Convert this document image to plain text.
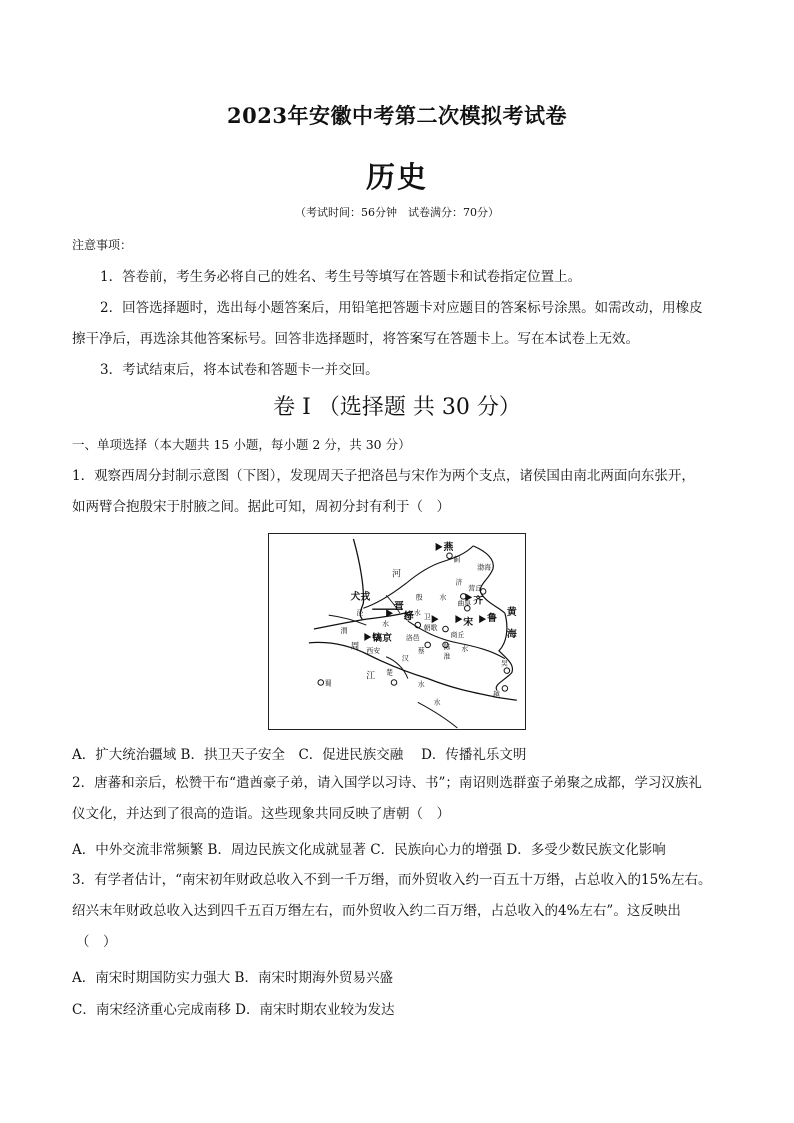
2023年安徽中考第二次模拟考试卷
历史
（考试时间：56分钟　试卷满分：70分）
注意事项：
1．答卷前，考生务必将自己的姓名、考生号等填写在答题卡和试卷指定位置上。
2．回答选择题时，选出每小题答案后，用铅笔把答题卡对应题目的答案标号涂黑。如需改动，用橡皮
擦干净后，再选涂其他答案标号。回答非选择题时，将答案写在答题卡上。写在本试卷上无效。
3．考试结束后，将本试卷和答题卡一并交回。
卷 I （选择题 共 30 分）
一、单项选择（本大题共 15 小题，每小题 2 分，共 30 分）
1．观察西周分封制示意图（下图），发现周天子把洛邑与宋作为两个支点，诸侯国由南北两面向东张开，
如两臂合抱殷宋于肘腋之间。据此可知，周初分封有利于（　）
蓟
渤海
殷
水
济
营丘
水
曲阜
泾
水
渭
卫
朝歌
洛邑	商丘
西安
汉
蔡	陈
淮
水
吴
蜀
楚
水
水
越
河
江
周
燕
犬戎
晋
绛
齐
鲁
宋
镐京
黄
海
A．扩大统治疆域 B．拱卫天子安全　C．促进民族交融　 D．传播礼乐文明
2．唐蕃和亲后，松赞干布“遣酋豪子弟，请入国学以习诗、书”；南诏则选群蛮子弟聚之成都，学习汉族礼
仪文化，并达到了很高的造诣。这些现象共同反映了唐朝（　）
A．中外交流非常频繁 B．周边民族文化成就显著 C．民族向心力的增强 D．多受少数民族文化影响
3．有学者估计，“南宋初年财政总收入不到一千万缗，而外贸收入约一百五十万缗，占总收入的15%左右。
绍兴末年财政总收入达到四千五百万缗左右，而外贸收入约二百万缗，占总收入的4%左右”。这反映出
（　）
A．南宋时期国防实力强大 B．南宋时期海外贸易兴盛
C．南宋经济重心完成南移 D．南宋时期农业较为发达
